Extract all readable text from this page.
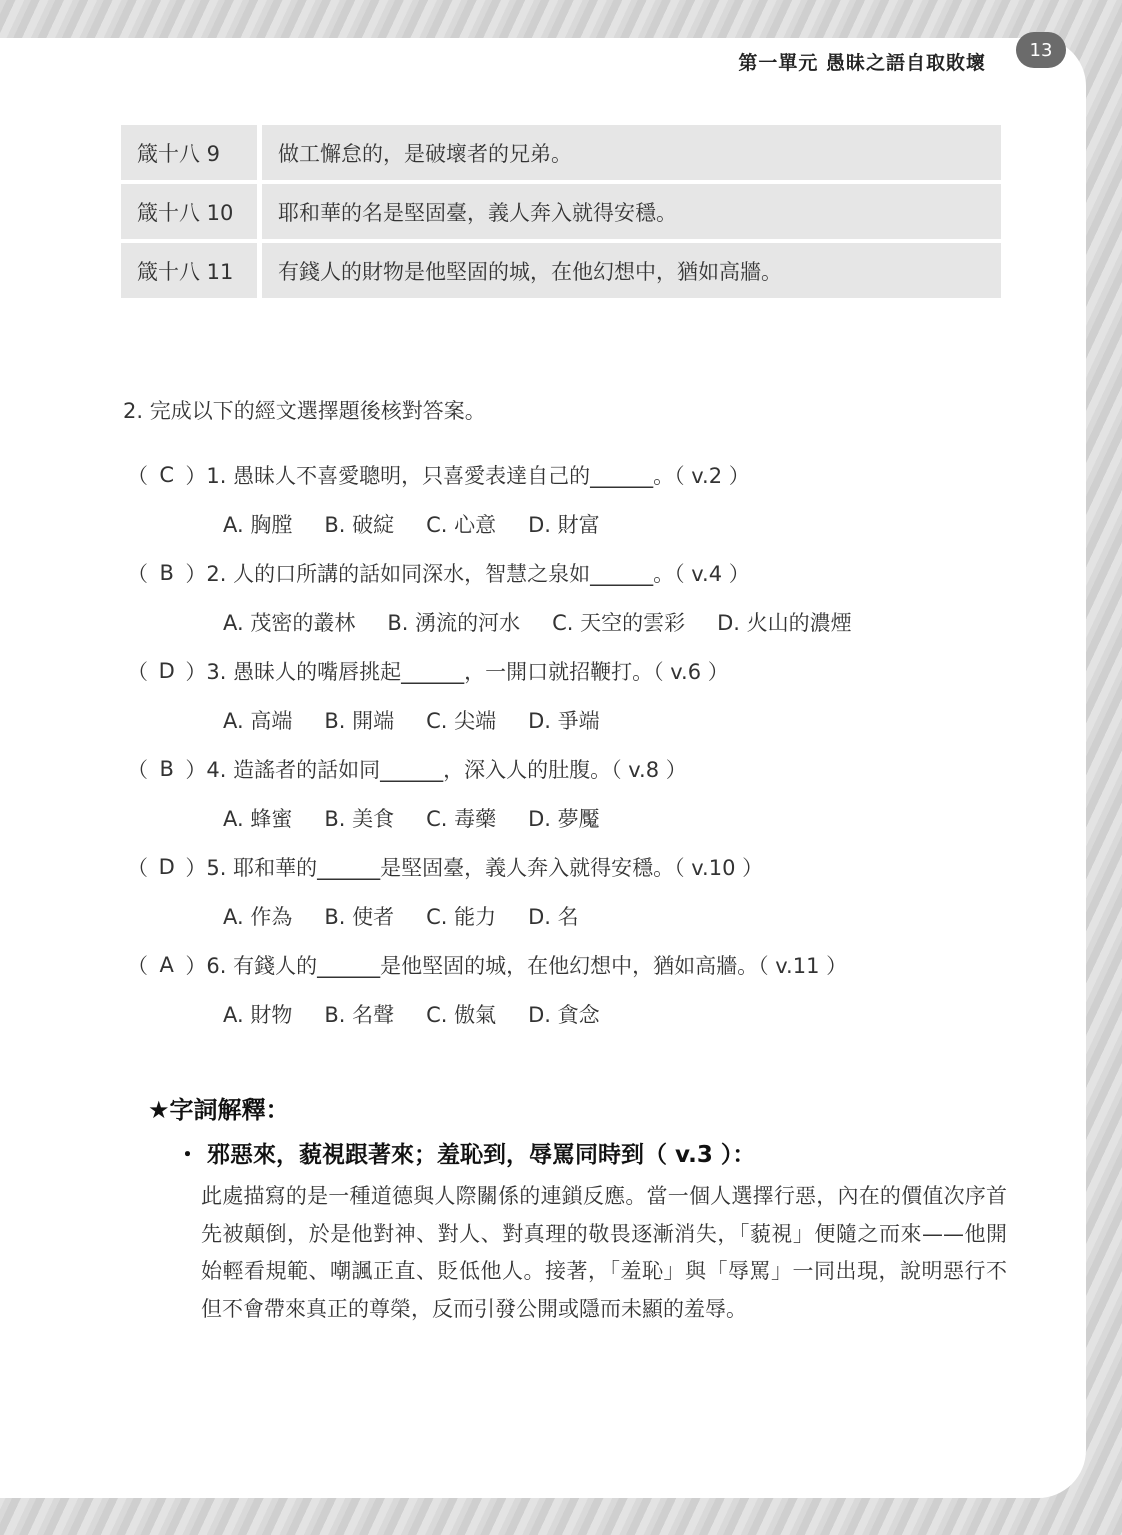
第一單元 愚昧之語自取敗壞
13
箴十八 9	做工懈怠的，是破壞者的兄弟。
箴十八 10	耶和華的名是堅固臺，義人奔入就得安穩。
箴十八 11	有錢人的財物是他堅固的城，在他幻想中，猶如高牆。
2. 完成以下的經文選擇題後核對答案。
（ C ） 1. 愚昧人不喜愛聰明，只喜愛表達自己的______。（ v.2 ）
A. 胸膛 B. 破綻 C. 心意 D. 財富
（ B ） 2. 人的口所講的話如同深水，智慧之泉如______。（ v.4 ）
A. 茂密的叢林 B. 湧流的河水 C. 天空的雲彩 D. 火山的濃煙
（ D ） 3. 愚昧人的嘴唇挑起______，一開口就招鞭打。（ v.6 ）
A. 高端 B. 開端 C. 尖端 D. 爭端
（ B ） 4. 造謠者的話如同______，深入人的肚腹。（ v.8 ）
A. 蜂蜜 B. 美食 C. 毒藥 D. 夢魘
（ D ） 5. 耶和華的______是堅固臺，義人奔入就得安穩。（ v.10 ）
A. 作為 B. 使者 C. 能力 D. 名
（ A ） 6. 有錢人的______是他堅固的城，在他幻想中，猶如高牆。（ v.11 ）
A. 財物 B. 名聲 C. 傲氣 D. 貪念
★字詞解釋：
・ 邪惡來，藐視跟著來；羞恥到，辱罵同時到（ v.3 ）：
此處描寫的是一種道德與人際關係的連鎖反應。當一個人選擇行惡，內在的價值次序首先被顛倒，於是他對神、對人、對真理的敬畏逐漸消失，「藐視」便隨之而來——他開始輕看規範、嘲諷正直、貶低他人。接著，「羞恥」與「辱罵」一同出現，說明惡行不但不會帶來真正的尊榮，反而引發公開或隱而未顯的羞辱。
